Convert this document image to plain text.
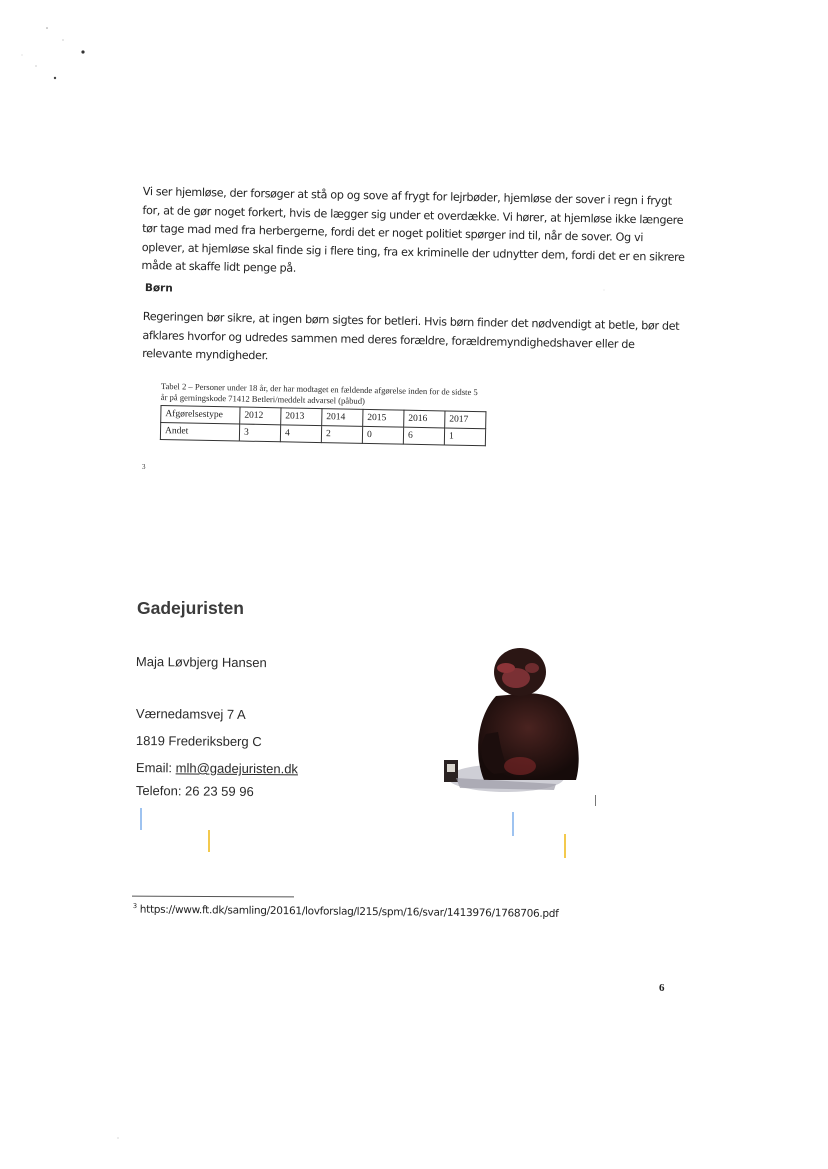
Vi ser hjemløse, der forsøger at stå op og sove af frygt for lejrbøder, hjemløse der sover i regn i frygt for, at de gør noget forkert, hvis de lægger sig under et overdække. Vi hører, at hjemløse ikke længere tør tage mad med fra herbergerne, fordi det er noget politiet spørger ind til, når de sover. Og vi oplever, at hjemløse skal finde sig i flere ting, fra ex kriminelle der udnytter dem, fordi det er en sikrere måde at skaffe lidt penge på.
Børn
Regeringen bør sikre, at ingen børn sigtes for betleri. Hvis børn finder det nødvendigt at betle, bør det afklares hvorfor og udredes sammen med deres forældre, forældremyndighedshaver eller de relevante myndigheder.
Tabel 2 – Personer under 18 år, der har modtaget en fældende afgørelse inden for de sidste 5 år på gerningskode 71412 Betleri/meddelt advarsel (påbud)
Afgørelsestype	2012	2013	2014	2015	2016	2017
Andet	3	4	2	0	6	1
3
Gadejuristen
Maja Løvbjerg Hansen
Værnedamsvej 7 A
1819 Frederiksberg C
Email: mlh@gadejuristen.dk
Telefon: 26 23 59 96
$^3$ https://www.ft.dk/samling/20161/lovforslag/l215/spm/16/svar/1413976/1768706.pdf
6
